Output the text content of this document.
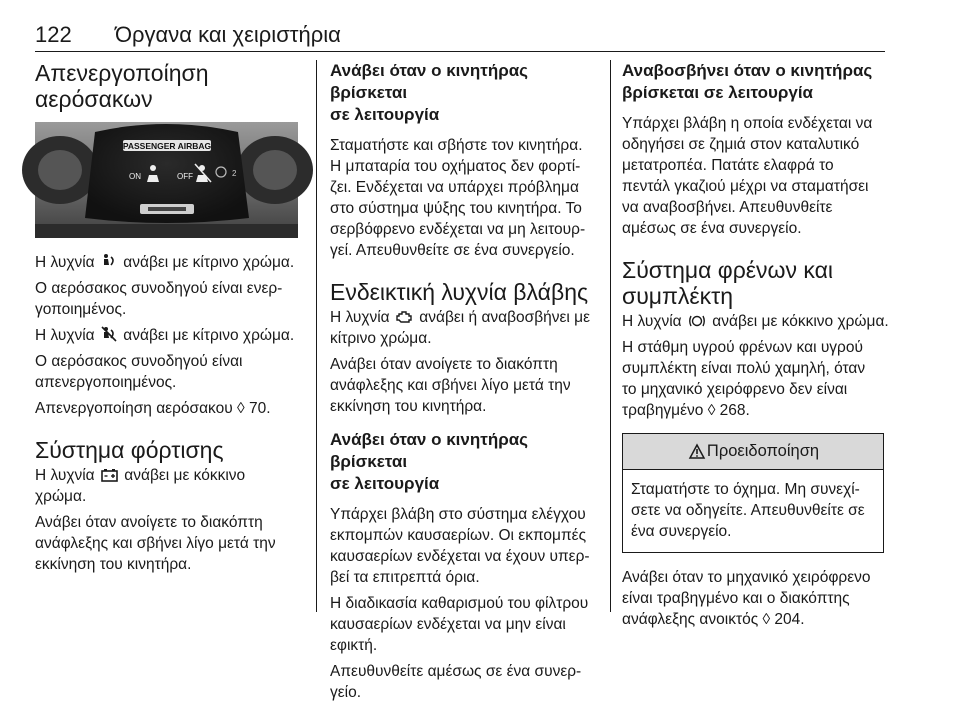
122 Όργανα και χειριστήρια
Απενεργοποίηση
αερόσακων
PASSENGER AIRBAG
ON	OFF	2
Η λυχνία ανάβει με κίτρινο χρώμα.
Ο αερόσακος συνοδηγού είναι ενερ-
γοποιημένος.
Η λυχνία ανάβει με κίτρινο χρώμα.
Ο αερόσακος συνοδηγού είναι
απενεργοποιημένος.
Απενεργοποίηση αερόσακου ◊ 70.
Σύστημα φόρτισης
Η λυχνία ανάβει με κόκκινο
χρώμα.
Ανάβει όταν ανοίγετε το διακόπτη
ανάφλεξης και σβήνει λίγο μετά την
εκκίνηση του κινητήρα.
Ανάβει όταν ο κινητήρας βρίσκεται
σε λειτουργία
Σταματήστε και σβήστε τον κινητήρα.
Η μπαταρία του οχήματος δεν φορτί-
ζει. Ενδέχεται να υπάρχει πρόβλημα
στο σύστημα ψύξης του κινητήρα. Το
σερβόφρενο ενδέχεται να μη λειτουρ-
γεί. Απευθυνθείτε σε ένα συνεργείο.
Ενδεικτική λυχνία βλάβης
Η λυχνία ανάβει ή αναβοσβήνει με
κίτρινο χρώμα.
Ανάβει όταν ανοίγετε το διακόπτη
ανάφλεξης και σβήνει λίγο μετά την
εκκίνηση του κινητήρα.
Ανάβει όταν ο κινητήρας βρίσκεται
σε λειτουργία
Υπάρχει βλάβη στο σύστημα ελέγχου
εκπομπών καυσαερίων. Οι εκπομπές
καυσαερίων ενδέχεται να έχουν υπερ-
βεί τα επιτρεπτά όρια.
Η διαδικασία καθαρισμού του φίλτρου
καυσαερίων ενδέχεται να μην είναι
εφικτή.
Απευθυνθείτε αμέσως σε ένα συνερ-
γείο.
Αναβοσβήνει όταν ο κινητήρας
βρίσκεται σε λειτουργία
Υπάρχει βλάβη η οποία ενδέχεται να
οδηγήσει σε ζημιά στον καταλυτικό
μετατροπέα. Πατάτε ελαφρά το
πεντάλ γκαζιού μέχρι να σταματήσει
να αναβοσβήνει. Απευθυνθείτε
αμέσως σε ένα συνεργείο.
Σύστημα φρένων και
συμπλέκτη
Η λυχνία ανάβει με κόκκινο χρώμα.
Η στάθμη υγρού φρένων και υγρού
συμπλέκτη είναι πολύ χαμηλή, όταν
το μηχανικό χειρόφρενο δεν είναι
τραβηγμένο ◊ 268.
Προειδοποίηση
Σταματήστε το όχημα. Μη συνεχί-
σετε να οδηγείτε. Απευθυνθείτε σε
ένα συνεργείο.
Ανάβει όταν το μηχανικό χειρόφρενο
είναι τραβηγμένο και ο διακόπτης
ανάφλεξης ανοικτός ◊ 204.
